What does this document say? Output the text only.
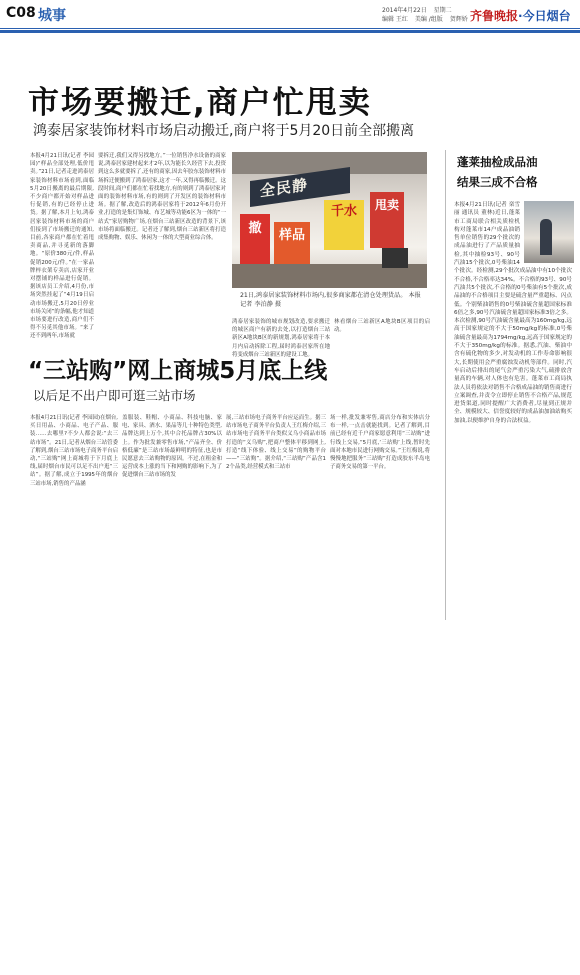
C08 城事	2014年4月22日 星期二
编辑 王红 美编 /组版 贺辉娇 齐鲁晚报·今日烟台
市场要搬迁,商户忙甩卖
鸿泰居家装饰材料市场启动搬迁,商户将于5月20日前全部搬离
本报4月21日讯(记者 李园园)“样品全部处理,低价甩卖。”21日,记者走进鸿泰居家装饰材料市场看到,面临5月20日搬离的最后期限,不少商户都开始对样品进行促销,有的已经停止进货。据了解,本月上旬,鸿泰居家装饰材料市场的商户们接到了市场搬迁的通知,目前,各家商户都在忙着甩卖商品,并寻觅新的落脚地。“原价380元/件,样品促销200元/件。”在一家品牌梓衣架专卖店,店家开业对摆铺的样品进行促销。据该店员工介绍,4月份,市场突然挂起了“4月19日启动市场搬迁,5月20日停业市场关闭”的条幅,他才知道市场要进行改造,商户们不得不另觅其他市场。“来了还不到两年,市场就
要拆迁,我们又得另找地方。”一位销售净水设备的商家说,鸿泰居家建材起来才2年,以为能长久经营下去,投资到这么多就要拆了,还有的商家,因去年胶东装饰材料市场拆迁便搬到了鸿泰居家,这才一年,又得再临搬迁。这段时间,商户们都在忙着找地方,有的则到了鸿泰居家对面的装饰材料市场,有的则到了开发区的装饰材料市场。据了解,改造后的鸿泰居家将于2012年6月份开业,打造的是集灯饰城、布艺城等功能6区为一体的“一站式”家居购物广场,在烟台三站新区改造的背景下,该市场将面临搬迁。记者还了解到,烟台三站新区将打造成集购物、娱乐、休闲为一体的大型商业综合体。
鸿泰居家装饰的城市规划改造,要求搬迁的城区商户有新的去处,以打造烟台三站新区A地块B区的新规划,鸿泰居家将于本月内启动拆除工程,届时鸿泰居家所在地将变成烟台三站新区的建设工地。
林看烟台三站新区A地块B区项目的启动。
全民静
撤	样品
千水	甩卖
21日,鸿泰居家装饰材料市场内,很多商家都在清仓处理货品。 本报记者 李泊静 摄
“三站购”网上商城5月底上线
以后足不出户即可逛三站市场
本报4月21日讯(记者 李园园)在烟台,买日用品、小商品、电子产品、服装……去哪里?不少人都会说:“去三站市场”。21日,记者从烟台三站管委了解到,烟台三站市场电子商务平台启动,“三站购”网上商城将于下月底上线,届时烟台市民可以足不出户逛“三站”。据了解,成立于1995年的烟台三站市场,销售的产品涵
盖服装、鞋帽、小商品、科技电脑、家电、家具、酒水、果品等几十种特色类型,品牌达到上万个,其中合托品牌占30%以上。作为批发兼零售市场,“产品齐全、价格低廉”是三站市场最鲜明的特征,也是市民愿意去三站购物的原因。不过,在租金和运营成本上涨的当下和网购的影响下,为了促进烟台三站市场的发
展,三站市场电子商务平台应运而生。据三站市场电子商务平台负责人王红梅介绍,三站市场电子商务平台类似义乌小商品市场打造的“义乌购”,把商户整体平移到网上,打造“线下体验、线上交易”的购物平台——“三站购”。据介绍,“三站购”产品含12个品类,经营模式和三站市
场一样,批发兼零售,商店分布和实体店分布一样,一点击就能找到。记者了解到,目前已经有近千户商家愿意利用“三站购”进行线上交易,“5月底,‘三站购’上线,暂时先面对本地市民进行网购交易。”王红梅说,将慢慢地把服务“三站购”打造成胶东半岛电子商务交易的第一平台。
蓬莱抽检成品油
结果三成不合格
本报4月21日讯(记者 栾雪丽 通讯员 董林)近日,蓬莱市工商局联合相关质检机构对蓬莱市14户成品油销售单位销售的29个批次的成品油进行了产品质量抽检,其中抽检93号、90号汽油15个批次,0号柴油14个批次。经检测,29个批次成品油中有10个批次不合格,不合格率达34%。不合格的93号、90号汽油共5个批次,不合格的0号柴油有5个批次,成品油的不合格项目主要是硫含量严重超标、闪点低。个别柴油销售的0号柴油硫含量超国家标准6倍之多,90号汽油硫含量超国家标准3倍之多。本次检测,90号汽油硫含量最高为160mg/kg,远高于国家规定的不大于50mg/kg的标准,0号柴油硫含量最高为1794mg/kg,远高于国家规定的不大于350mg/kg的标准。据悉,汽油、柴油中含有硫化物的多少,对发动机的工作寿命影响很大,长期使用会严重腐蚀发动机等部件。同时,汽车启动后排出的尾气会严重污染大气,硫排放含量高的车辆,对人体也有危害。蓬莱市工商局执法人员将依法对销售不合格成品油的销售商进行立案调查,并责令立即停止销售不合格产品,规范进货渠道,同时提醒广大消费者,尽量到正规并全、规模较大、信誉度较好的成品油加油站购买加油,以便维护自身的合法权益。
